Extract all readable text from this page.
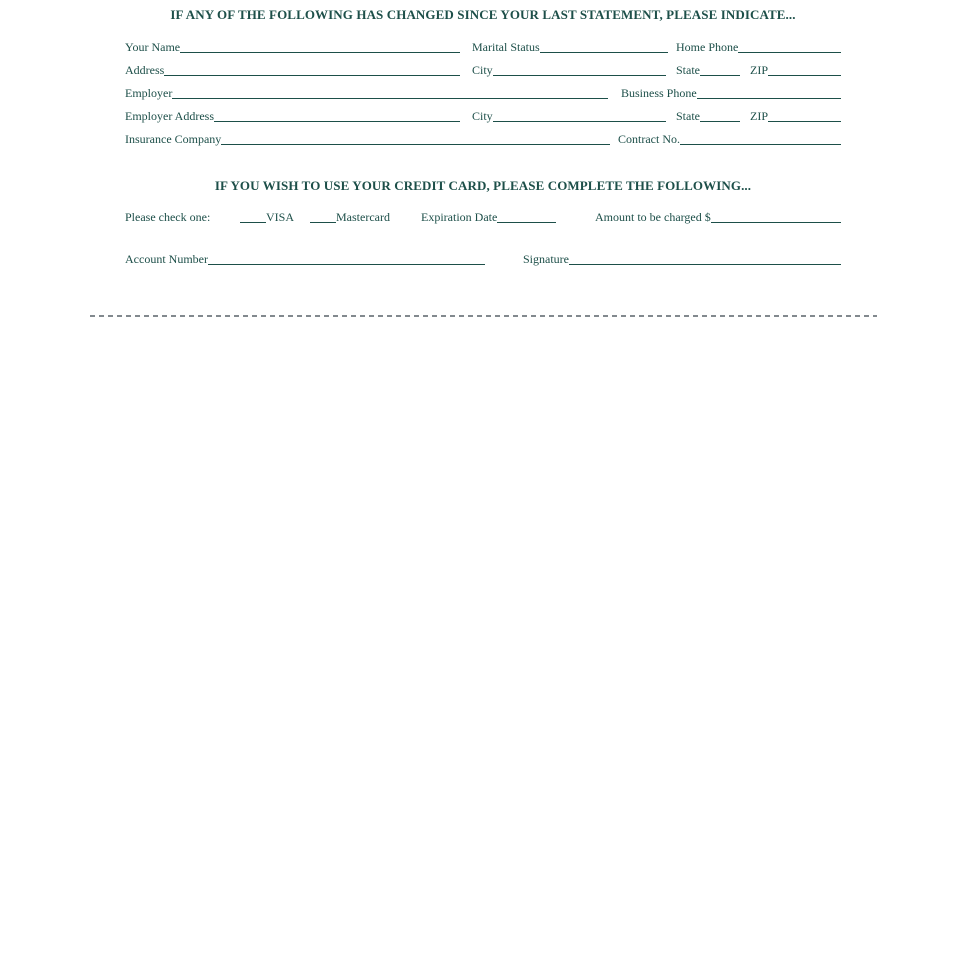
IF ANY OF THE FOLLOWING HAS CHANGED SINCE YOUR LAST STATEMENT, PLEASE INDICATE...
Your Name	Marital Status	Home Phone
Address	City	State	ZIP
Employer	Business Phone
Employer Address	City	State	ZIP
Insurance Company	Contract No.
IF YOU WISH TO USE YOUR CREDIT CARD, PLEASE COMPLETE THE FOLLOWING...
Please check one:	VISA	Mastercard	Expiration Date	Amount to be charged $
Account Number	Signature
